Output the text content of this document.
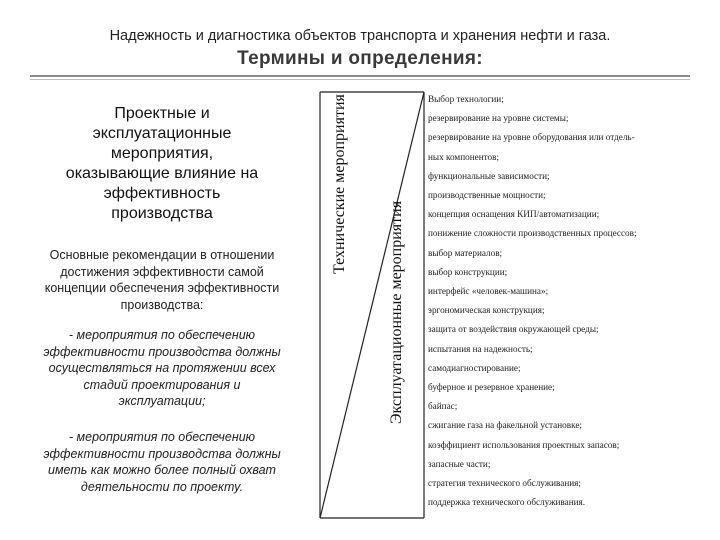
Надежность и диагностика объектов транспорта и хранения нефти и газа.
Термины и определения:
Проектные и
эксплуатационные
мероприятия,
оказывающие влияние на
эффективность
производства
Основные рекомендации в отношении
достижения эффективности самой
концепции обеспечения эффективности
производства:
- мероприятия по обеспечению
эффективности производства должны
осуществляться на протяжении всех
стадий проектирования и
эксплуатации;
- мероприятия по обеспечению
эффективности производства должны
иметь как можно более полный охват
деятельности по проекту.
Технические мероприятия
Эксплуатационные мероприятия
Выбор технологии;
резервирование на уровне системы;
резервирование на уровне оборудования или отдель-
ных компонентов;
функциональные зависимости;
производственные мощности;
концепция оснащения КИП/автоматизации;
понижение сложности производственных процессов;
выбор материалов;
выбор конструкции;
интерфейс «человек-машина»;
эргономическая конструкция;
защита от воздействия окружающей среды;
испытания на надежность;
самодиагностирование;
буферное и резервное хранение;
байпас;
сжигание газа на факельной установке;
коэффициент использования проектных запасов;
запасные части;
стратегия технического обслуживания;
поддержка технического обслуживания.
